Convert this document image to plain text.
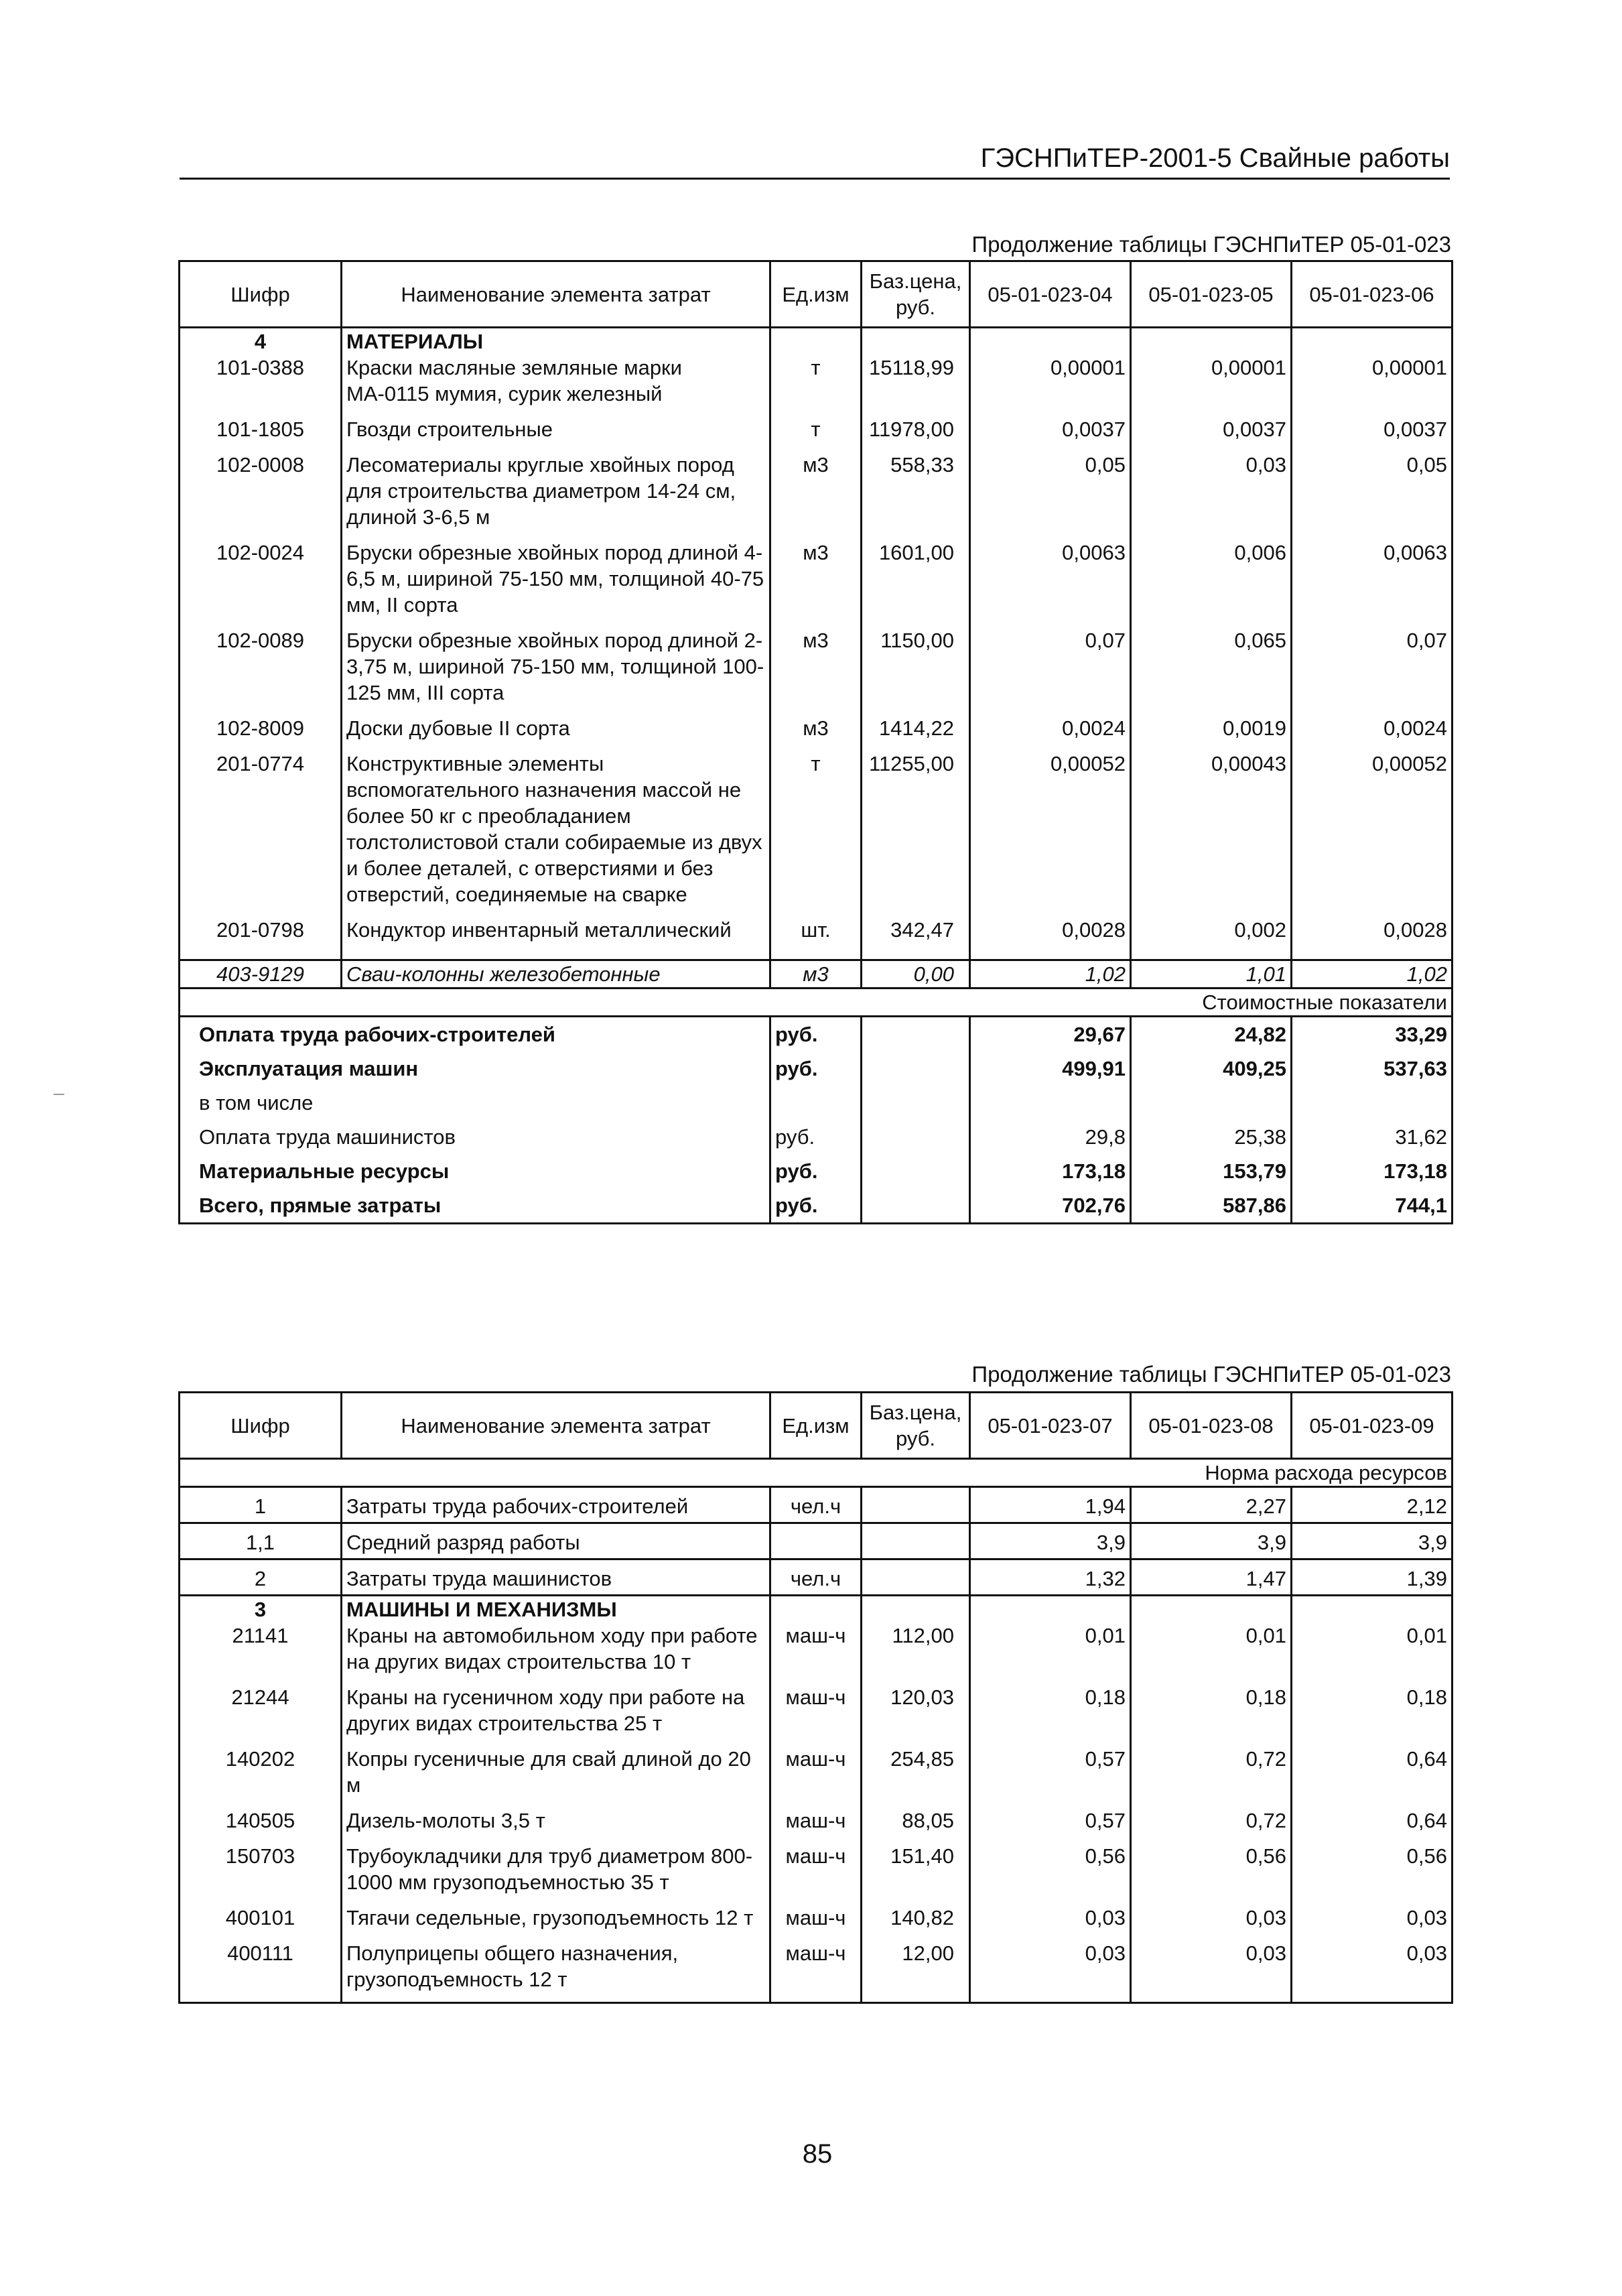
ГЭСНПиТЕР-2001-5 Свайные работы
Продолжение таблицы ГЭСНПиТЕР 05-01-023
Шифр	Наименование элемента затрат	Ед.изм	Баз.цена, руб.	05-01-023-04	05-01-023-05	05-01-023-06
4	МАТЕРИАЛЫ					
101-0388	Краски масляные земляные марки МА-0115 мумия, сурик железный	т	15118,99	0,00001	0,00001	0,00001
101-1805	Гвозди строительные	т	11978,00	0,0037	0,0037	0,0037
102-0008	Лесоматериалы круглые хвойных пород для строительства диаметром 14-24 см, длиной 3-6,5 м	м3	558,33	0,05	0,03	0,05
102-0024	Бруски обрезные хвойных пород длиной 4-6,5 м, шириной 75-150 мм, толщиной 40-75 мм, II сорта	м3	1601,00	0,0063	0,006	0,0063
102-0089	Бруски обрезные хвойных пород длиной 2-3,75 м, шириной 75-150 мм, толщиной 100-125 мм, III сорта	м3	1150,00	0,07	0,065	0,07
102-8009	Доски дубовые II сорта	м3	1414,22	0,0024	0,0019	0,0024
201-0774	Конструктивные элементы вспомогательного назначения массой не более 50 кг с преобладанием толстолистовой стали собираемые из двух и более деталей, с отверстиями и без отверстий, соединяемые на сварке	т	11255,00	0,00052	0,00043	0,00052
201-0798	Кондуктор инвентарный металлический	шт.	342,47	0,0028	0,002	0,0028

403-9129	Сваи-колонны железобетонные	м3	0,00	1,02	1,01	1,02
Стоимостные показатели						
Оплата труда рабочих-строителей		руб.		29,67	24,82	33,29
Эксплуатация машин		руб.		499,91	409,25	537,63
в том числе						
Оплата труда машинистов		руб.		29,8	25,38	31,62
Материальные ресурсы		руб.		173,18	153,79	173,18
Всего, прямые затраты		руб.		702,76	587,86	744,1
Продолжение таблицы ГЭСНПиТЕР 05-01-023
Шифр	Наименование элемента затрат	Ед.изм	Баз.цена, руб.	05-01-023-07	05-01-023-08	05-01-023-09
Норма расхода ресурсов						
1	Затраты труда рабочих-строителей	чел.ч		1,94	2,27	2,12
1,1	Средний разряд работы			3,9	3,9	3,9
2	Затраты труда машинистов	чел.ч		1,32	1,47	1,39
3	МАШИНЫ И МЕХАНИЗМЫ					
21141	Краны на автомобильном ходу при работе на других видах строительства 10 т	маш-ч	112,00	0,01	0,01	0,01
21244	Краны на гусеничном ходу при работе на других видах строительства 25 т	маш-ч	120,03	0,18	0,18	0,18
140202	Копры гусеничные для свай длиной до 20 м	маш-ч	254,85	0,57	0,72	0,64
140505	Дизель-молоты 3,5 т	маш-ч	88,05	0,57	0,72	0,64
150703	Трубоукладчики для труб диаметром 800-1000 мм грузоподъемностью 35 т	маш-ч	151,40	0,56	0,56	0,56
400101	Тягачи седельные, грузоподъемность 12 т	маш-ч	140,82	0,03	0,03	0,03
400111	Полуприцепы общего назначения, грузоподъемность 12 т	маш-ч	12,00	0,03	0,03	0,03
85
